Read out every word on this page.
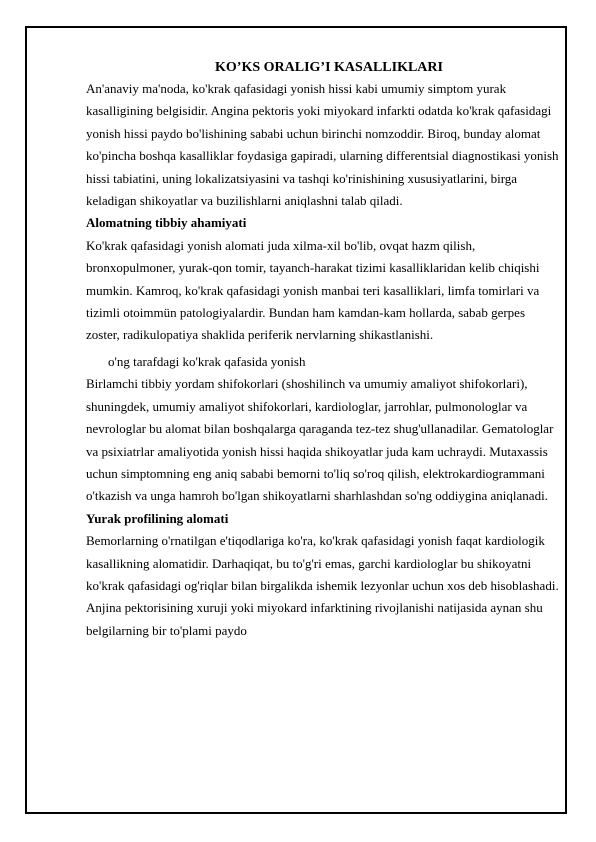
KO’KS ORALIG’I KASALLIKLARI

An'anaviy ma'noda, ko'krak qafasidagi yonish hissi kabi umumiy simptom yurak kasalligining belgisidir. Angina pektoris yoki miyokard infarkti odatda ko'krak qafasidagi yonish hissi paydo bo'lishining sababi uchun birinchi nomzoddir. Biroq, bunday alomat ko'pincha boshqa kasalliklar foydasiga gapiradi, ularning differentsial diagnostikasi yonish hissi tabiatini, uning lokalizatsiyasini va tashqi ko'rinishining xususiyatlarini, birga keladigan shikoyatlar va buzilishlarni aniqlashni talab qiladi.

Alomatning tibbiy ahamiyati

Ko'krak qafasidagi yonish alomati juda xilma-xil bo'lib, ovqat hazm qilish, bronxopulmoner, yurak-qon tomir, tayanch-harakat tizimi kasalliklaridan kelib chiqishi mumkin. Kamroq, ko'krak qafasidagi yonish manbai teri kasalliklari, limfa tomirlari va tizimli otoimmün patologiyalardir. Bundan ham kamdan-kam hollarda, sabab gerpes zoster, radikulopatiya shaklida periferik nervlarning shikastlanishi.

o'ng tarafdagi ko'krak qafasida yonish

Birlamchi tibbiy yordam shifokorlari (shoshilinch va umumiy amaliyot shifokorlari), shuningdek, umumiy amaliyot shifokorlari, kardiologlar, jarrohlar, pulmonologlar va nevrologlar bu alomat bilan boshqalarga qaraganda tez-tez shug'ullanadilar. Gematologlar va psixiatrlar amaliyotida yonish hissi haqida shikoyatlar juda kam uchraydi. Mutaxassis uchun simptomning eng aniq sababi bemorni to'liq so'roq qilish, elektrokardiogrammani o'tkazish va unga hamroh bo'lgan shikoyatlarni sharhlashdan so'ng oddiygina aniqlanadi.

Yurak profilining alomati

Bemorlarning o'rnatilgan e'tiqodlariga ko'ra, ko'krak qafasidagi yonish faqat kardiologik kasallikning alomatidir. Darhaqiqat, bu to'g'ri emas, garchi kardiologlar bu shikoyatni ko'krak qafasidagi og'riqlar bilan birgalikda ishemik lezyonlar uchun xos deb hisoblashadi. Anjina pektorisining xuruji yoki miyokard infarktining rivojlanishi natijasida aynan shu belgilarning bir to'plami paydo
